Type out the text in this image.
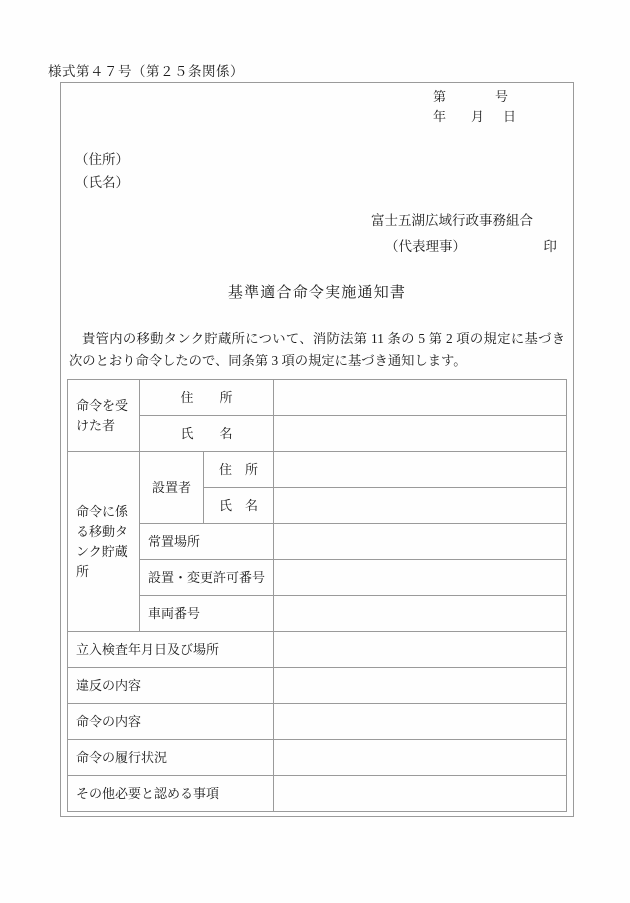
様式第４７号（第２５条関係）
第	号
年	月	日
（住所）
（氏名）
富士五湖広域行政事務組合
（代表理事）	印
基準適合命令実施通知書
貴管内の移動タンク貯蔵所について、消防法第 11 条の 5 第 2 項の規定に基づき次のとおり命令したので、同条第 3 項の規定に基づき通知します。
命令を受けた者	住　　所		
	氏　　名		
命令に係る移動タンク貯蔵所	設置者	住　所	
		氏　名	
	常置場所		
	設置・変更許可番号		
	車両番号		
立入検査年月日及び場所			
違反の内容			
命令の内容			
命令の履行状況			
その他必要と認める事項			
